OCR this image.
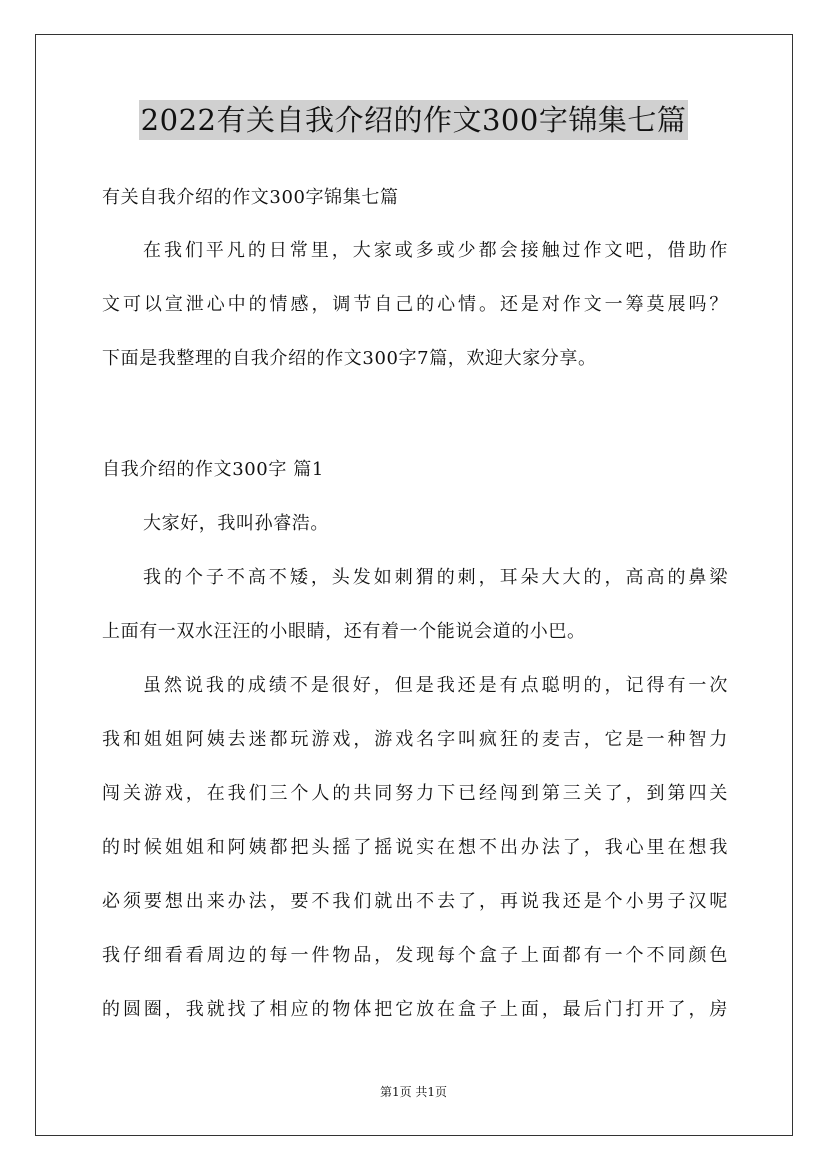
2022有关自我介绍的作文300字锦集七篇
有关自我介绍的作文300字锦集七篇
在我们平凡的日常里，大家或多或少都会接触过作文吧，借助作
文可以宣泄心中的情感，调节自己的心情。还是对作文一筹莫展吗？
下面是我整理的自我介绍的作文300字7篇，欢迎大家分享。
自我介绍的作文300字 篇1
大家好，我叫孙睿浩。
我的个子不高不矮，头发如刺猬的刺，耳朵大大的，高高的鼻梁
上面有一双水汪汪的小眼睛，还有着一个能说会道的小巴。
虽然说我的成绩不是很好，但是我还是有点聪明的，记得有一次
我和姐姐阿姨去迷都玩游戏，游戏名字叫疯狂的麦吉，它是一种智力
闯关游戏，在我们三个人的共同努力下已经闯到第三关了，到第四关
的时候姐姐和阿姨都把头摇了摇说实在想不出办法了，我心里在想我
必须要想出来办法，要不我们就出不去了，再说我还是个小男子汉呢
我仔细看看周边的每一件物品，发现每个盒子上面都有一个不同颜色
的圆圈，我就找了相应的物体把它放在盒子上面，最后门打开了，房
第1页 共1页
